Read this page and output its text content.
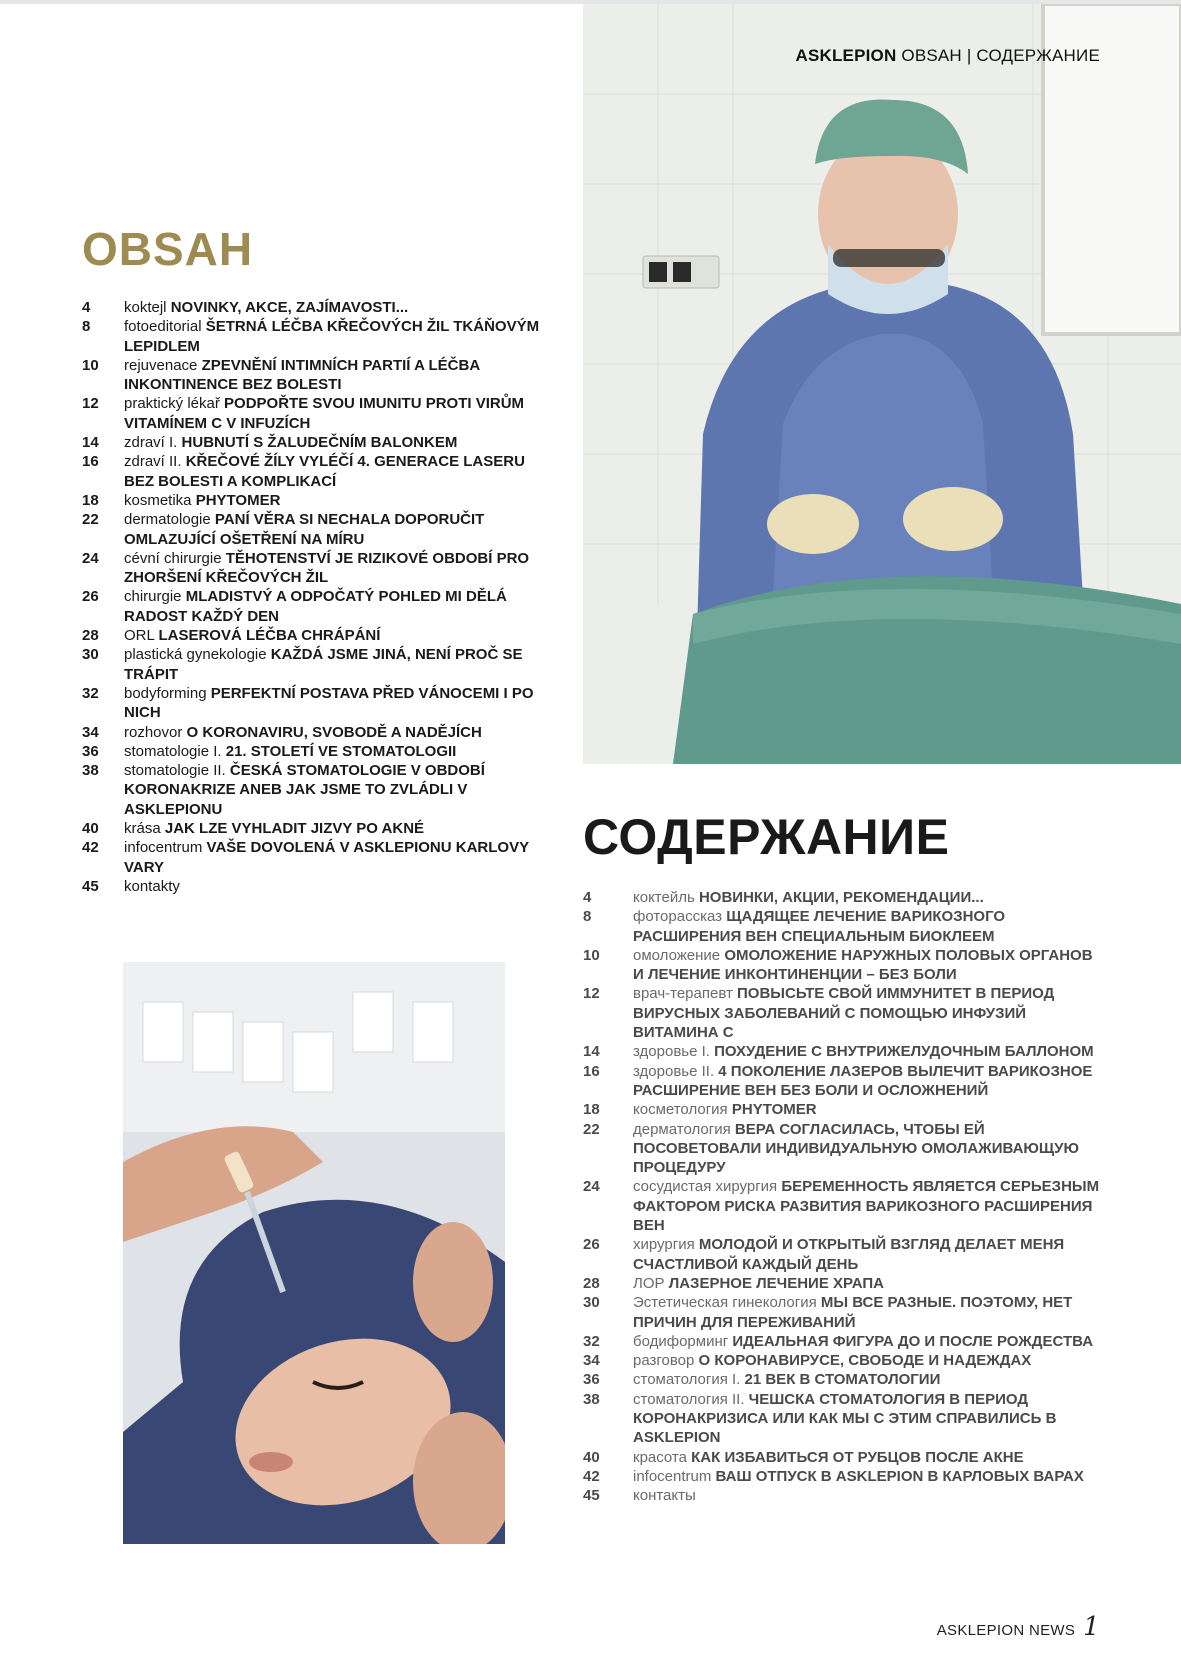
ASKLEPION OBSAH | СОДЕРЖАНИЕ
OBSAH
4	koktejl NOVINKY, AKCE, ZAJÍMAVOSTI...
8	fotoeditorial ŠETRNÁ LÉČBA KŘEČOVÝCH ŽIL TKÁŇOVÝM LEPIDLEM
10	rejuvenace ZPEVNĚNÍ INTIMNÍCH PARTIÍ A LÉČBA INKONTINENCE BEZ BOLESTI
12	praktický lékař PODPOŘTE SVOU IMUNITU PROTI VIRŮM VITAMÍNEM C V INFUZÍCH
14	zdraví I. HUBNUTÍ S ŽALUDEČNÍM BALONKEM
16	zdraví II. KŘEČOVÉ ŽÍLY VYLÉČÍ 4. GENERACE LASERU BEZ BOLESTI A KOMPLIKACÍ
18	kosmetika PHYTOMER
22	dermatologie PANÍ VĚRA SI NECHALA DOPORUČIT OMLAZUJÍCÍ OŠETŘENÍ NA MÍRU
24	cévní chirurgie TĚHOTENSTVÍ JE RIZIKOVÉ OBDOBÍ PRO ZHORŠENÍ KŘEČOVÝCH ŽIL
26	chirurgie MLADISTVÝ A ODPOČATÝ POHLED MI DĚLÁ RADOST KAŽDÝ DEN
28	ORL LASEROVÁ LÉČBA CHRÁPÁNÍ
30	plastická gynekologie KAŽDÁ JSME JINÁ, NENÍ PROČ SE TRÁPIT
32	bodyforming PERFEKTNÍ POSTAVA PŘED VÁNOCEMI I PO NICH
34	rozhovor O KORONAVIRU, SVOBODĚ A NADĚJÍCH
36	stomatologie I. 21. STOLETÍ VE STOMATOLOGII
38	stomatologie II. ČESKÁ STOMATOLOGIE V OBDOBÍ KORONAKRIZE ANEB JAK JSME TO ZVLÁDLI V ASKLEPIONU
40	krása JAK LZE VYHLADIT JIZVY PO AKNÉ
42	infocentrum VAŠE DOVOLENÁ V ASKLEPIONU KARLOVY VARY
45	kontakty
СОДЕРЖАНИЕ
4	коктейль НОВИНКИ, АКЦИИ, РЕКОМЕНДАЦИИ...
8	фоторассказ ЩАДЯЩЕЕ ЛЕЧЕНИЕ ВАРИКОЗНОГО РАСШИРЕНИЯ ВЕН СПЕЦИАЛЬНЫМ БИОКЛЕЕМ
10	омоложение ОМОЛОЖЕНИЕ НАРУЖНЫХ ПОЛОВЫХ ОРГАНОВ И ЛЕЧЕНИЕ ИНКОНТИНЕНЦИИ – БЕЗ БОЛИ
12	врач-терапевт ПОВЫСЬТЕ СВОЙ ИММУНИТЕТ В ПЕРИОД ВИРУСНЫХ ЗАБОЛЕВАНИЙ С ПОМОЩЬЮ ИНФУЗИЙ ВИТАМИНА С
14	здоровье I. ПОХУДЕНИЕ С ВНУТРИЖЕЛУДОЧНЫМ БАЛЛОНОМ
16	здоровье II. 4 ПОКОЛЕНИЕ ЛАЗЕРОВ ВЫЛЕЧИТ ВАРИКОЗНОЕ РАСШИРЕНИЕ ВЕН БЕЗ БОЛИ И ОСЛОЖНЕНИЙ
18	косметология PHYTOMER
22	дерматология ВЕРА СОГЛАСИЛАСЬ, ЧТОБЫ ЕЙ ПОСОВЕТОВАЛИ ИНДИВИДУАЛЬНУЮ ОМОЛАЖИВАЮЩУЮ ПРОЦЕДУРУ
24	сосудистая хирургия БЕРЕМЕННОСТЬ ЯВЛЯЕТСЯ СЕРЬЕЗНЫМ ФАКТОРОМ РИСКА РАЗВИТИЯ ВАРИКОЗНОГО РАСШИРЕНИЯ ВЕН
26	хирургия МОЛОДОЙ И ОТКРЫТЫЙ ВЗГЛЯД ДЕЛАЕТ МЕНЯ СЧАСТЛИВОЙ КАЖДЫЙ ДЕНЬ
28	ЛОР ЛАЗЕРНОЕ ЛЕЧЕНИЕ ХРАПА
30	Эстетическая гинекология МЫ ВСЕ РАЗНЫЕ. ПОЭТОМУ, НЕТ ПРИЧИН ДЛЯ ПЕРЕЖИВАНИЙ
32	бодиформинг ИДЕАЛЬНАЯ ФИГУРА ДО И ПОСЛЕ РОЖДЕСТВА
34	разговор О КОРОНАВИРУСЕ, СВОБОДЕ И НАДЕЖДАХ
36	стоматология I. 21 ВЕК В СТОМАТОЛОГИИ
38	стоматология II. ЧЕШСКА СТОМАТОЛОГИЯ В ПЕРИОД КОРОНАКРИЗИСА ИЛИ КАК МЫ С ЭТИМ СПРАВИЛИСЬ В ASKLEPION
40	красота КАК ИЗБАВИТЬСЯ ОТ РУБЦОВ ПОСЛЕ АКНЕ
42	infocentrum ВАШ ОТПУСК В ASKLEPION В КАРЛОВЫХ ВАРАХ
45	контакты
ASKLEPION NEWS 1
